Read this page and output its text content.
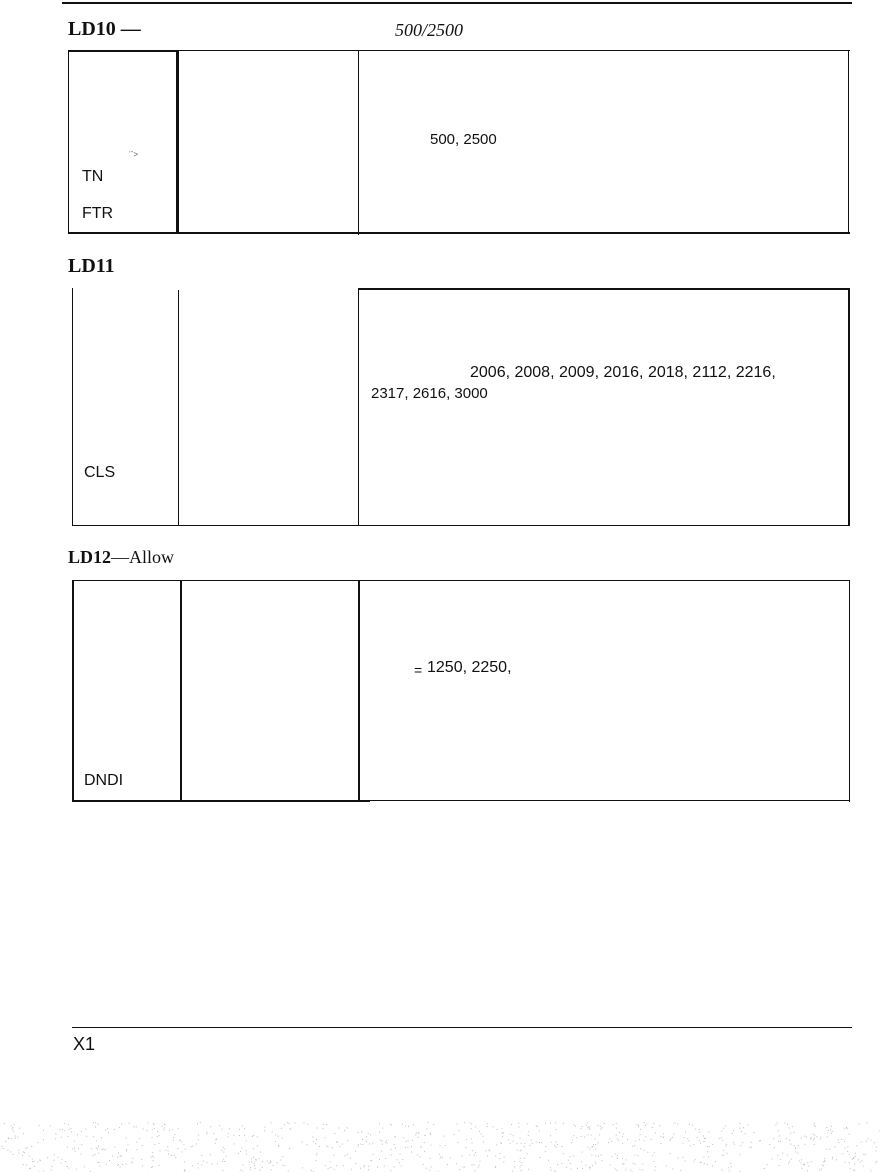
LD10 —	500/2500
ʿˉ˃
TN
FTR
500, 2500
LD11
CLS
2006, 2008, 2009, 2016, 2018, 2112, 2216,
2317, 2616, 3000
LD12—Allow
DNDI
= 1250, 2250,
X1
